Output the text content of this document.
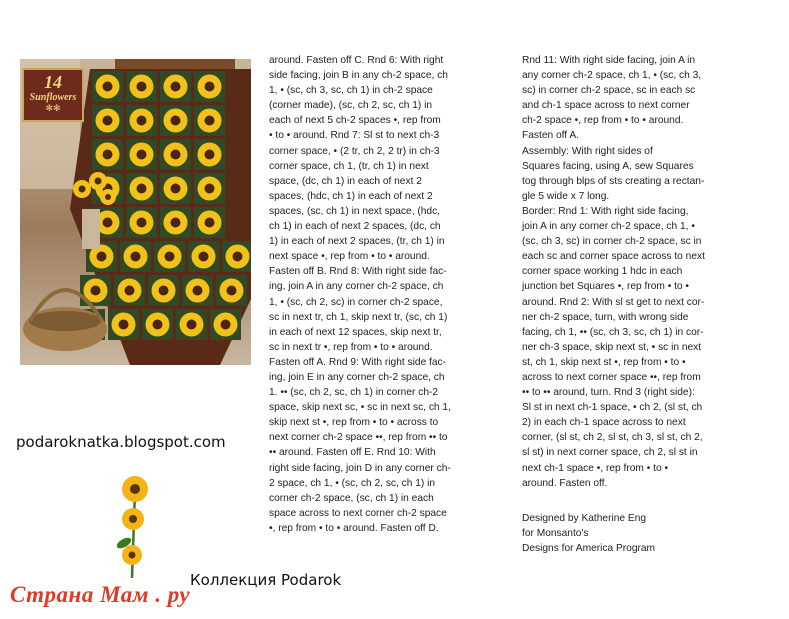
14
Sunflowers
✻✻
podaroknatka.blogspot.com
Коллекция Podarok
Страна Мам . ру

around. Fasten off C. Rnd 6: With right

side facing, join B in any ch-2 space, ch

1, • (sc, ch 3, sc, ch 1) in ch-2 space

(corner made), (sc, ch 2, sc, ch 1) in

each of next 5 ch-2 spaces •, rep from

• to • around. Rnd 7: Sl st to next ch-3

corner space, • (2 tr, ch 2, 2 tr) in ch-3

corner space, ch 1, (tr, ch 1) in next

space, (dc, ch 1) in each of next 2

spaces, (hdc, ch 1) in each of next 2

spaces, (sc, ch 1) in next space, (hdc,

ch 1) in each of next 2 spaces, (dc, ch

1) in each of next 2 spaces, (tr, ch 1) in

next space •, rep from • to • around.

Fasten off B. Rnd 8: With right side fac-

ing, join A in any corner ch-2 space, ch

1, • (sc, ch 2, sc) in corner ch-2 space,

sc in next tr, ch 1, skip next tr, (sc, ch 1)

in each of next 12 spaces, skip next tr,

sc in next tr •, rep from • to • around.

Fasten off A. Rnd 9: With right side fac-

ing, join E in any corner ch-2 space, ch

1. •• (sc, ch 2, sc, ch 1) in corner ch-2

space, skip next sc, • sc in next sc, ch 1,

skip next st •, rep from • to • across to

next corner ch-2 space ••, rep from •• to

•• around. Fasten off E. Rnd 10: With

right side facing, join D in any corner ch-

2 space, ch 1, • (sc, ch 2, sc, ch 1) in

corner ch-2 space, (sc, ch 1) in each

space across to next corner ch-2 space

•, rep from • to • around. Fasten off D.

Rnd 11: With right side facing, join A in

any corner ch-2 space, ch 1, • (sc, ch 3,

sc) in corner ch-2 space, sc in each sc

and ch-1 space across to next corner

ch-2 space •, rep from • to • around.

Fasten off A.

Assembly: With right sides of

Squares facing, using A, sew Squares

tog through blps of sts creating a rectan-

gle 5 wide x 7 long.

Border: Rnd 1: With right side facing,

join A in any corner ch-2 space, ch 1, •

(sc, ch 3, sc) in corner ch-2 space, sc in

each sc and corner space across to next

corner space working 1 hdc in each

junction bet Squares •, rep from • to •

around. Rnd 2: With sl st get to next cor-

ner ch-2 space, turn, with wrong side

facing, ch 1, •• (sc, ch 3, sc, ch 1) in cor-

ner ch-3 space, skip next st, • sc in next

st, ch 1, skip next st •, rep from • to •

across to next corner space ••, rep from

•• to •• around, turn. Rnd 3 (right side):

Sl st in next ch-1 space, • ch 2, (sl st, ch

2) in each ch-1 space across to next

corner, (sl st, ch 2, sl st, ch 3, sl st, ch 2,

sl st) in next corner space, ch 2, sl st in

next ch-1 space •, rep from • to •

around. Fasten off.

Designed by Katherine Eng

for Monsanto's

Designs for America Program
